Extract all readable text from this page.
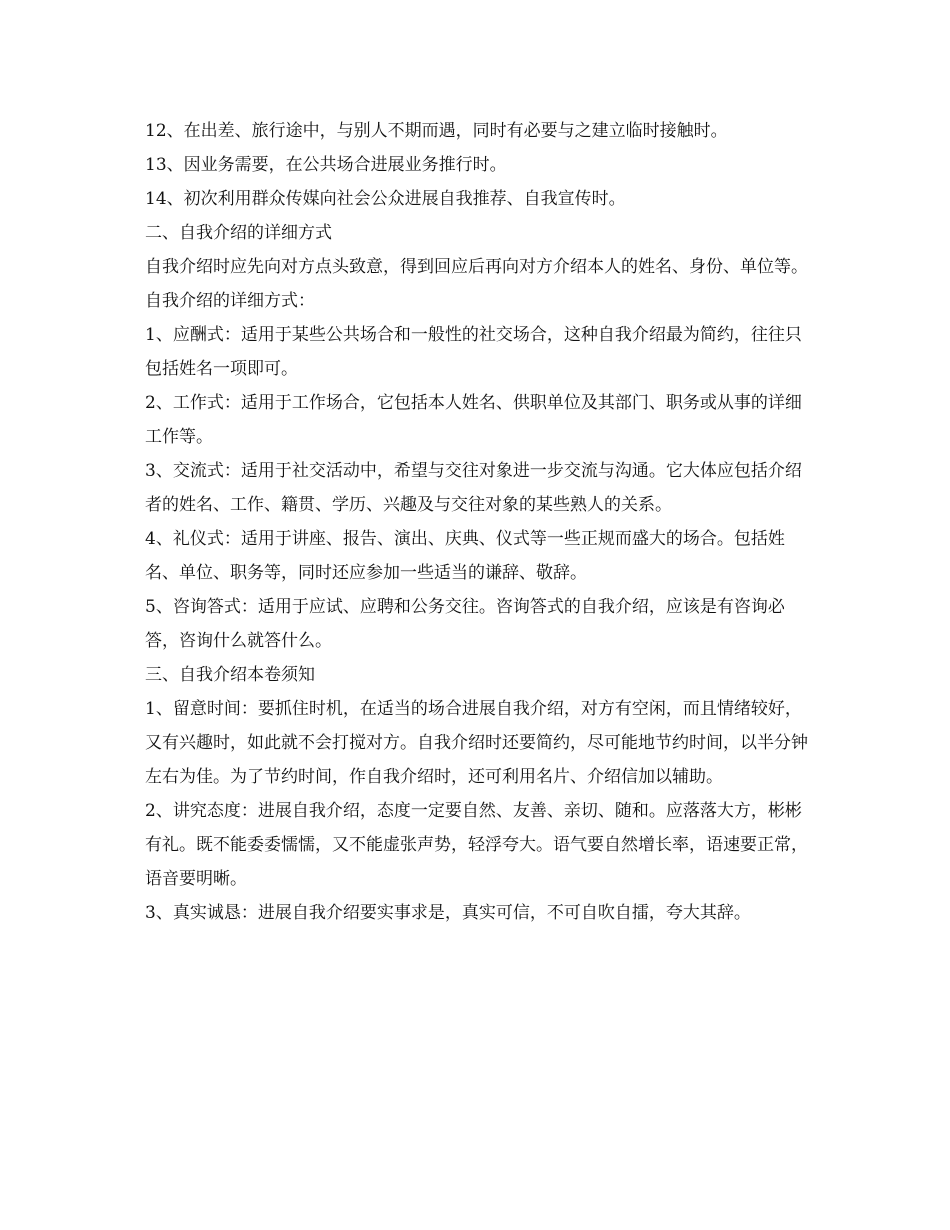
12、在出差、旅行途中，与别人不期而遇，同时有必要与之建立临时接触时。

13、因业务需要，在公共场合进展业务推行时。

14、初次利用群众传媒向社会公众进展自我推荐、自我宣传时。

二、自我介绍的详细方式

自我介绍时应先向对方点头致意，得到回应后再向对方介绍本人的姓名、身份、单位等。自我介绍的详细方式：

1、应酬式：适用于某些公共场合和一般性的社交场合，这种自我介绍最为简约，往往只包括姓名一项即可。

2、工作式：适用于工作场合，它包括本人姓名、供职单位及其部门、职务或从事的详细工作等。

3、交流式：适用于社交活动中，希望与交往对象进一步交流与沟通。它大体应包括介绍者的姓名、工作、籍贯、学历、兴趣及与交往对象的某些熟人的关系。

4、礼仪式：适用于讲座、报告、演出、庆典、仪式等一些正规而盛大的场合。包括姓名、单位、职务等，同时还应参加一些适当的谦辞、敬辞。

5、咨询答式：适用于应试、应聘和公务交往。咨询答式的自我介绍，应该是有咨询必答，咨询什么就答什么。

三、自我介绍本卷须知

1、留意时间：要抓住时机，在适当的场合进展自我介绍，对方有空闲，而且情绪较好，又有兴趣时，如此就不会打搅对方。自我介绍时还要简约，尽可能地节约时间，以半分钟左右为佳。为了节约时间，作自我介绍时，还可利用名片、介绍信加以辅助。

2、讲究态度：进展自我介绍，态度一定要自然、友善、亲切、随和。应落落大方，彬彬有礼。既不能委委懦懦，又不能虚张声势，轻浮夸大。语气要自然增长率，语速要正常，语音要明晰。

3、真实诚恳：进展自我介绍要实事求是，真实可信，不可自吹自擂，夸大其辞。
